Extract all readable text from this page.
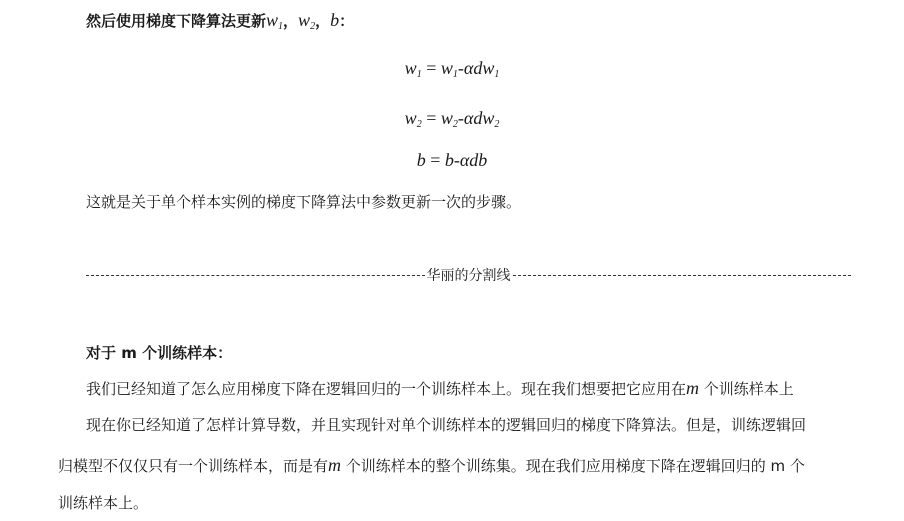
然后使用梯度下降算法更新$w_1$，$w_2$，b：
$w_1 = w_1-\alpha dw_1$
$w_2 = w_2-\alpha dw_2$
b = b-αdb
这就是关于单个样本实例的梯度下降算法中参数更新一次的步骤。
华丽的分割线
对于 m 个训练样本：
我们已经知道了怎么应用梯度下降在逻辑回归的一个训练样本上。现在我们想要把它应用在m 个训练样本上
现在你已经知道了怎样计算导数，并且实现针对单个训练样本的逻辑回归的梯度下降算法。但是，训练逻辑回
归模型不仅仅只有一个训练样本，而是有m 个训练样本的整个训练集。现在我们应用梯度下降在逻辑回归的 m 个
训练样本上。
